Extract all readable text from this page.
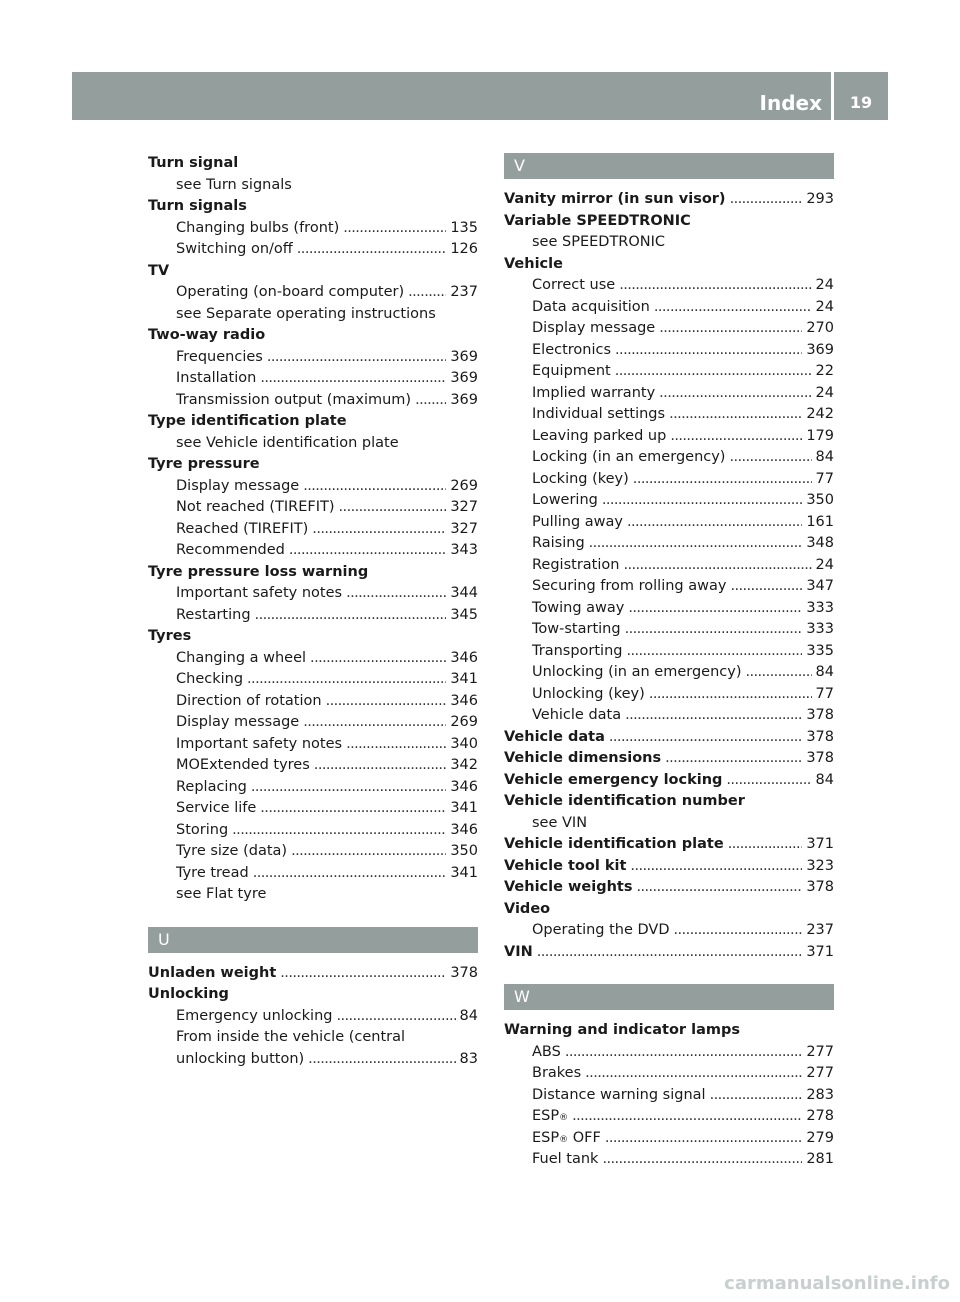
Index	19
Turn signal
see Turn signals
Turn signals
Changing bulbs (front) . . .	135
Switching on/off . . .	126
TV
Operating (on-board computer) . . .	237
see Separate operating instructions
Two-way radio
Frequencies . . .	369
Installation . . .	369
Transmission output (maximum) . . .	369
Type identification plate
see Vehicle identification plate
Tyre pressure
Display message . . .	269
Not reached (TIREFIT) . . .	327
Reached (TIREFIT) . . .	327
Recommended . . .	343
Tyre pressure loss warning
Important safety notes . . .	344
Restarting . . .	345
Tyres
Changing a wheel . . .	346
Checking . . .	341
Direction of rotation . . .	346
Display message . . .	269
Important safety notes . . .	340
MOExtended tyres . . .	342
Replacing . . .	346
Service life . . .	341
Storing . . .	346
Tyre size (data) . . .	350
Tyre tread . . .	341
see Flat tyre
U
Unladen weight . . .	378
Unlocking
Emergency unlocking . . .	84
From inside the vehicle (central
unlocking button) . . .	83
V
Vanity mirror (in sun visor) . . .	293
Variable SPEEDTRONIC
see SPEEDTRONIC
Vehicle
Correct use . . .	24
Data acquisition . . .	24
Display message . . .	270
Electronics . . .	369
Equipment . . .	22
Implied warranty . . .	24
Individual settings . . .	242
Leaving parked up . . .	179
Locking (in an emergency) . . .	84
Locking (key) . . .	77
Lowering . . .	350
Pulling away . . .	161
Raising . . .	348
Registration . . .	24
Securing from rolling away . . .	347
Towing away . . .	333
Tow-starting . . .	333
Transporting . . .	335
Unlocking (in an emergency) . . .	84
Unlocking (key) . . .	77
Vehicle data . . .	378
Vehicle data . . .	378
Vehicle dimensions . . .	378
Vehicle emergency locking . . .	84
Vehicle identification number
see VIN
Vehicle identification plate . . .	371
Vehicle tool kit . . .	323
Vehicle weights . . .	378
Video
Operating the DVD . . .	237
VIN . . .	371
W
Warning and indicator lamps
ABS . . .	277
Brakes . . .	277
Distance warning signal . . .	283
ESP ® . . .	278
ESP ® OFF . . .	279
Fuel tank . . .	281
carmanualsonline.info
